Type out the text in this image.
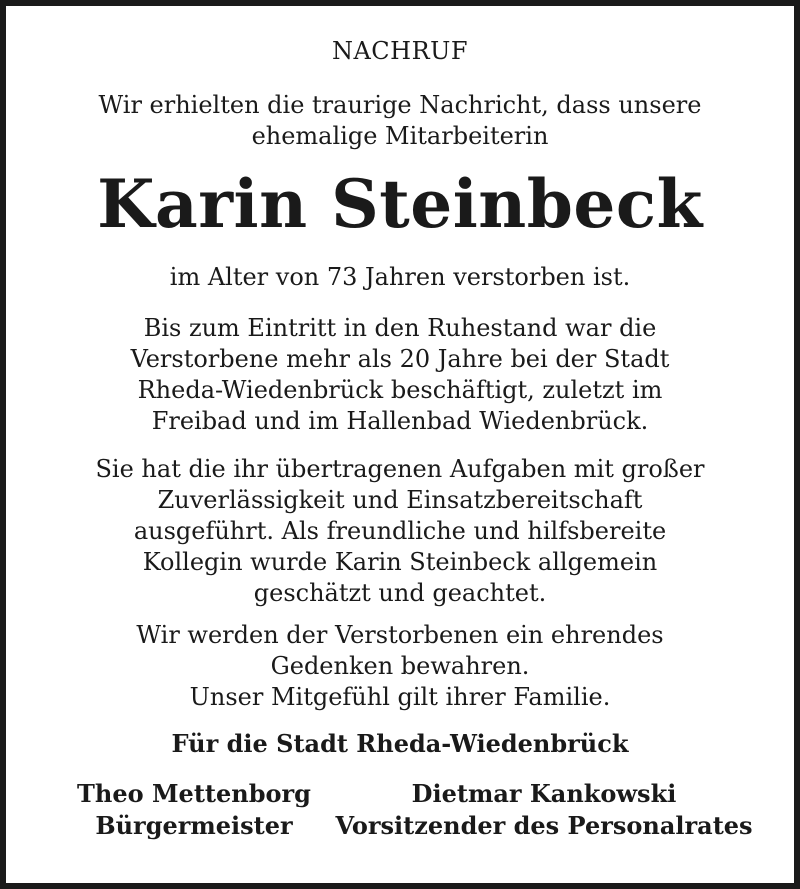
NACHRUF

Wir erhielten die traurige Nachricht, dass unsere
ehemalige Mitarbeiterin

Karin Steinbeck

im Alter von 73 Jahren verstorben ist.

Bis zum Eintritt in den Ruhestand war die
Verstorbene mehr als 20 Jahre bei der Stadt
Rheda-Wiedenbrück beschäftigt, zuletzt im
Freibad und im Hallenbad Wiedenbrück.

Sie hat die ihr übertragenen Aufgaben mit großer
Zuverlässigkeit und Einsatzbereitschaft
ausgeführt. Als freundliche und hilfsbereite
Kollegin wurde Karin Steinbeck allgemein
geschätzt und geachtet.

Wir werden der Verstorbenen ein ehrendes
Gedenken bewahren.
Unser Mitgefühl gilt ihrer Familie.

Für die Stadt Rheda-Wiedenbrück

Theo Mettenborg
Bürgermeister
Dietmar Kankowski
Vorsitzender des Personalrates
